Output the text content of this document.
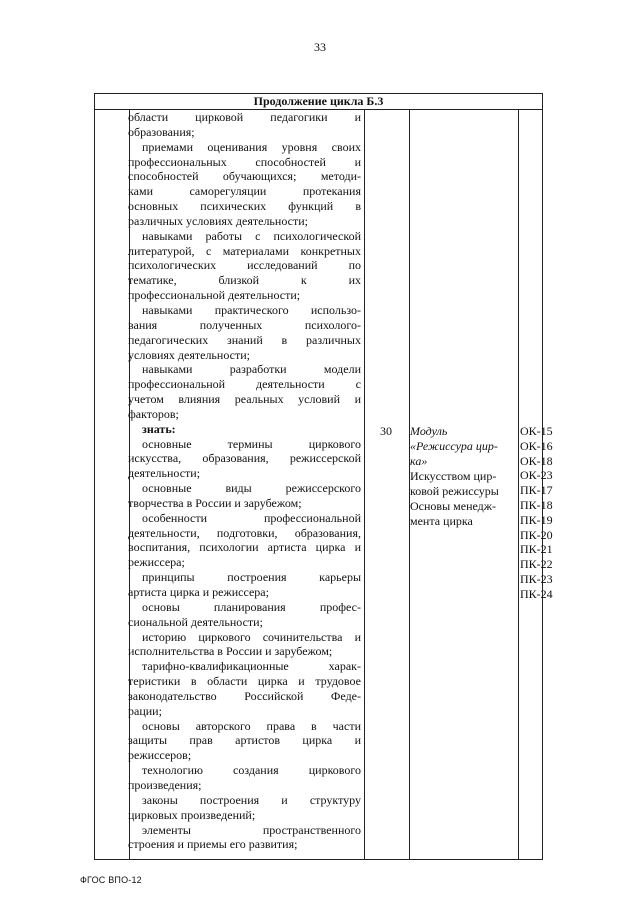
33
Продолжение цикла Б.3
области цирковой педагогики и
образования;
приемами оценивания уровня своих
профессиональных способностей и
способностей обучающихся; методи-
ками саморегуляции протекания
основных психических функций в
различных условиях деятельности;
навыками работы с психологической
литературой, с материалами конкретных
психологических исследований по
тематике, близкой к их
профессиональной деятельности;
навыками практического использо-
вания полученных психолого-
педагогических знаний в различных
условиях деятельности;
навыками разработки модели
профессиональной деятельности с
учетом влияния реальных условий и
факторов;
знать:
основные термины циркового
искусства, образования, режиссерской
деятельности;
основные виды режиссерского
творчества в России и зарубежом;
особенности профессиональной
деятельности, подготовки, образования,
воспитания, психологии артиста цирка и
режиссера;
принципы построения карьеры
артиста цирка и режиссера;
основы планирования профес-
сиональной деятельности;
историю циркового сочинительства и
исполнительства в России и зарубежом;
тарифно-квалификационные харак-
теристики в области цирка и трудовое
законодательство Российской Феде-
рации;
основы авторского права в части
защиты прав артистов цирка и
режиссеров;
технологию создания циркового
произведения;
законы построения и структуру
цирковых произведений;
элементы пространственного
строения и приемы его развития;
30	Модуль
«Режиссура цир-
ка»
Искусством цир-
ковой режиссуры
Основы менедж-
мента цирка
ОК-15
ОК-16
ОК-18
ОК-23
ПК-17
ПК-18
ПК-19
ПК-20
ПК-21
ПК-22
ПК-23
ПК-24
ФГОС ВПО-12
